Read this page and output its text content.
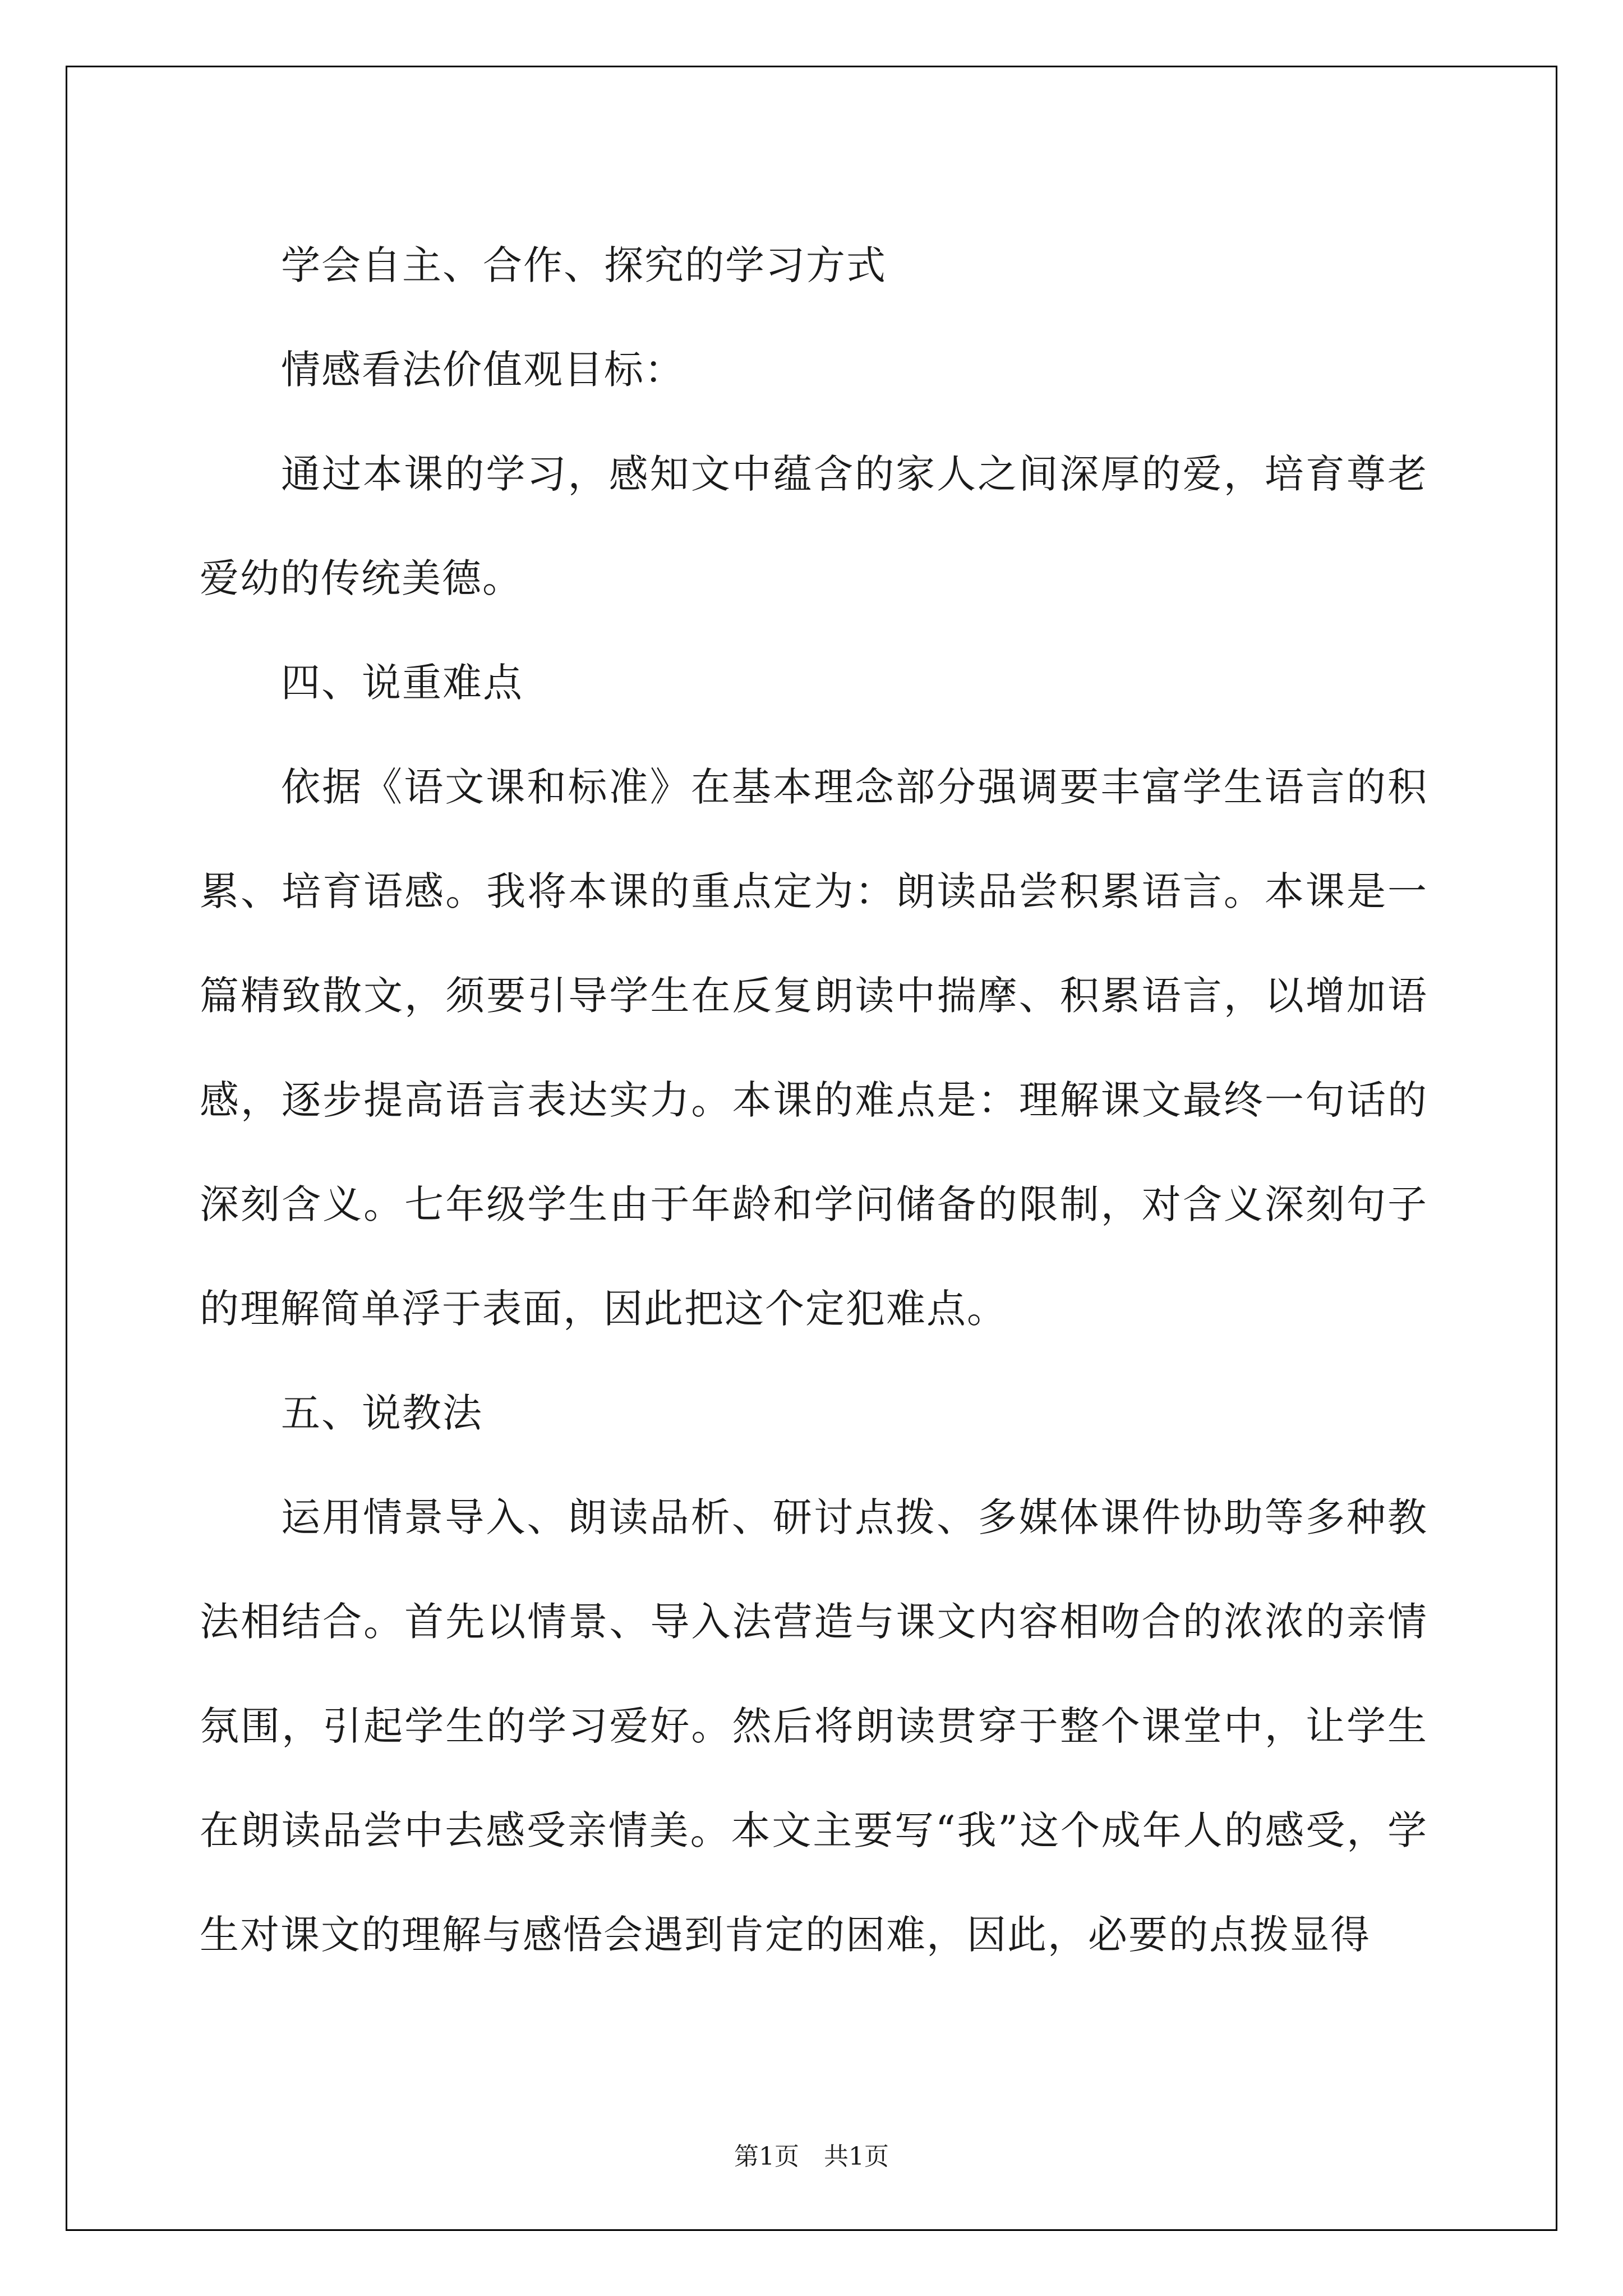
学会自主、合作、探究的学习方式

情感看法价值观目标：

通过本课的学习，感知文中蕴含的家人之间深厚的爱，培育尊老爱幼的传统美德。

四、说重难点

依据《语文课和标准》在基本理念部分强调要丰富学生语言的积累、培育语感。我将本课的重点定为：朗读品尝积累语言。本课是一篇精致散文，须要引导学生在反复朗读中揣摩、积累语言，以增加语感，逐步提高语言表达实力。本课的难点是：理解课文最终一句话的深刻含义。七年级学生由于年龄和学问储备的限制，对含义深刻句子的理解简单浮于表面，因此把这个定犯难点。

五、说教法

运用情景导入、朗读品析、研讨点拨、多媒体课件协助等多种教法相结合。首先以情景、导入法营造与课文内容相吻合的浓浓的亲情氛围，引起学生的学习爱好。然后将朗读贯穿于整个课堂中，让学生在朗读品尝中去感受亲情美。本文主要写“我”这个成年人的感受，学生对课文的理解与感悟会遇到肯定的困难，因此，必要的点拨显得

第1页　共1页
